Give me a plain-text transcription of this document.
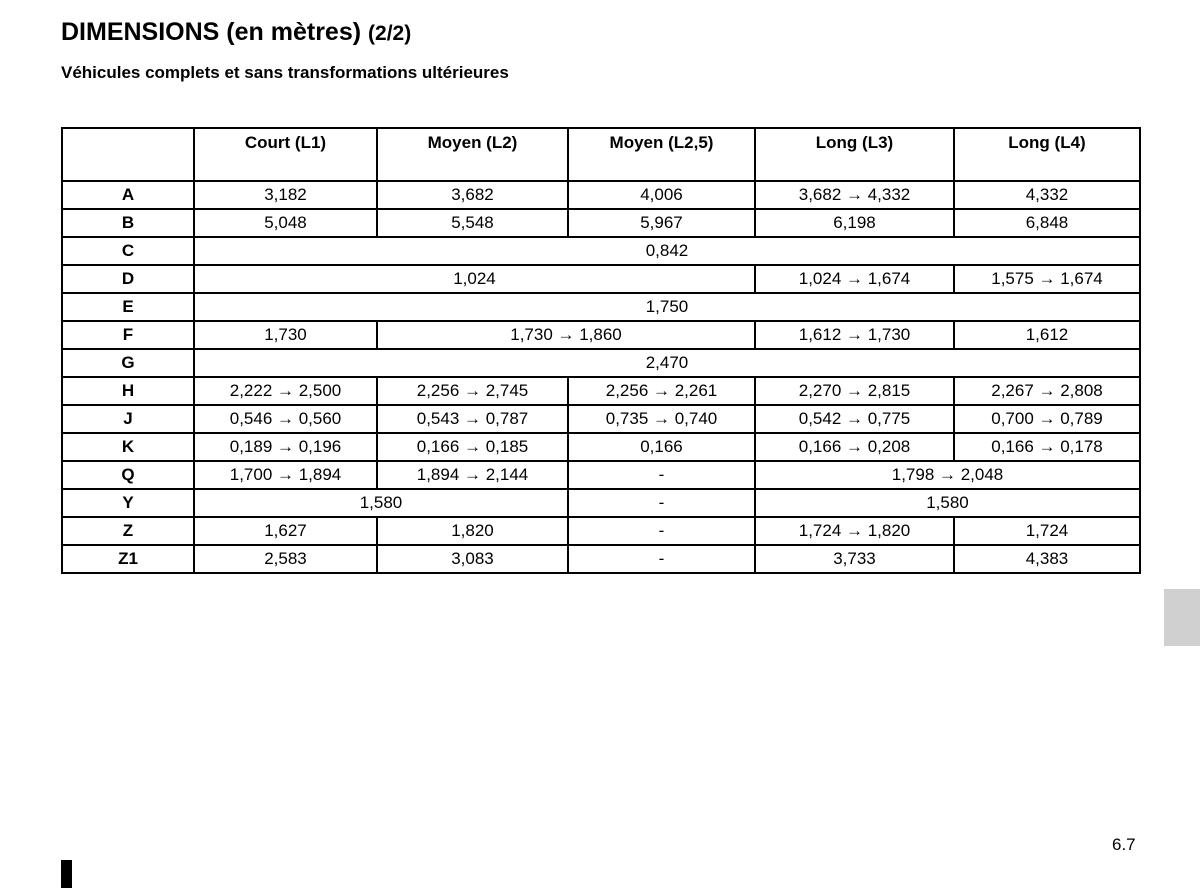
DIMENSIONS (en mètres) (2/2)

Véhicules complets et sans transformations ultérieures

	Court (L1)	Moyen (L2)	Moyen (L2,5)	Long (L3)	Long (L4)
A	3,182	3,682	4,006	3,682 → 4,332	4,332
B	5,048	5,548	5,967	6,198	6,848
C	0,842				
D	1,024			1,024 → 1,674	1,575 → 1,674
E	1,750				
F	1,730	1,730 → 1,860		1,612 → 1,730	1,612
G	2,470				
H	2,222 → 2,500	2,256 → 2,745	2,256 → 2,261	2,270 → 2,815	2,267 → 2,808
J	0,546 → 0,560	0,543 → 0,787	0,735 → 0,740	0,542 → 0,775	0,700 → 0,789
K	0,189 → 0,196	0,166 → 0,185	0,166	0,166 → 0,208	0,166 → 0,178
Q	1,700 → 1,894	1,894 → 2,144	-	1,798 → 2,048	
Y	1,580		-	1,580	
Z	1,627	1,820	-	1,724 → 1,820	1,724
Z1	2,583	3,083	-	3,733	4,383
6.7
